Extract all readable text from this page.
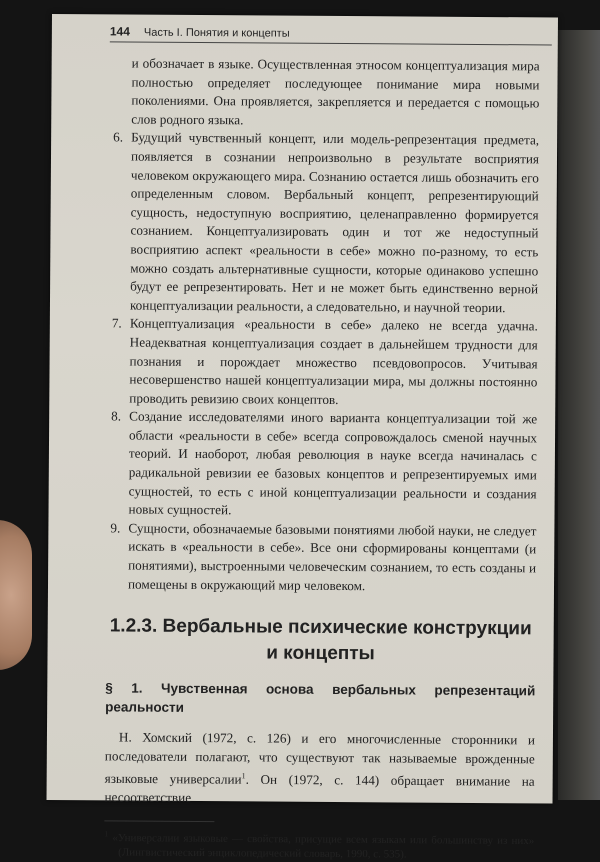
144 Часть I. Понятия и концепты

и обозначает в языке. Осуществленная этносом концептуализация мира полностью определяет последующее понимание мира новыми поколениями. Она проявляется, закрепляется и передается с помощью слов родного языка.

6. Будущий чувственный концепт, или модель-репрезентация предмета, появляется в сознании непроизвольно в результате восприятия человеком окружающего мира. Сознанию остается лишь обозначить его определенным словом. Вербальный концепт, репрезентирующий сущность, недоступную восприятию, целенаправленно формируется сознанием. Концептуализировать один и тот же недоступный восприятию аспект «реальности в себе» можно по-разному, то есть можно создать альтернативные сущности, которые одинаково успешно будут ее репрезентировать. Нет и не может быть единственно верной концептуализации реальности, а следовательно, и научной теории.

7. Концептуализация «реальности в себе» далеко не всегда удачна. Неадекватная концептуализация создает в дальнейшем трудности для познания и порождает множество псевдовопросов. Учитывая несовершенство нашей концептуализации мира, мы должны постоянно проводить ревизию своих концептов.

8. Создание исследователями иного варианта концептуализации той же области «реальности в себе» всегда сопровождалось сменой научных теорий. И наоборот, любая революция в науке всегда начиналась с радикальной ревизии ее базовых концептов и репрезентируемых ими сущностей, то есть с иной концептуализации реальности и создания новых сущностей.

9. Сущности, обозначаемые базовыми понятиями любой науки, не следует искать в «реальности в себе». Все они сформированы концептами (и понятиями), выстроенными человеческим сознанием, то есть созданы и помещены в окружающий мир человеком.

1.2.3. Вербальные психические конструкции и концепты
§ 1. Чувственная основа вербальных репрезентаций реальности

Н. Хомский (1972, с. 126) и его многочисленные сторонники и последователи полагают, что существуют так называемые врожденные языковые универсалии$^1$. Он (1972, с. 144) обращает внимание на несоответствие

$^1$ «Универсалии языковые — свойства, присущие всем языкам или большинству из них» (Лингвистический энциклопедический словарь, 1990, с. 535).
